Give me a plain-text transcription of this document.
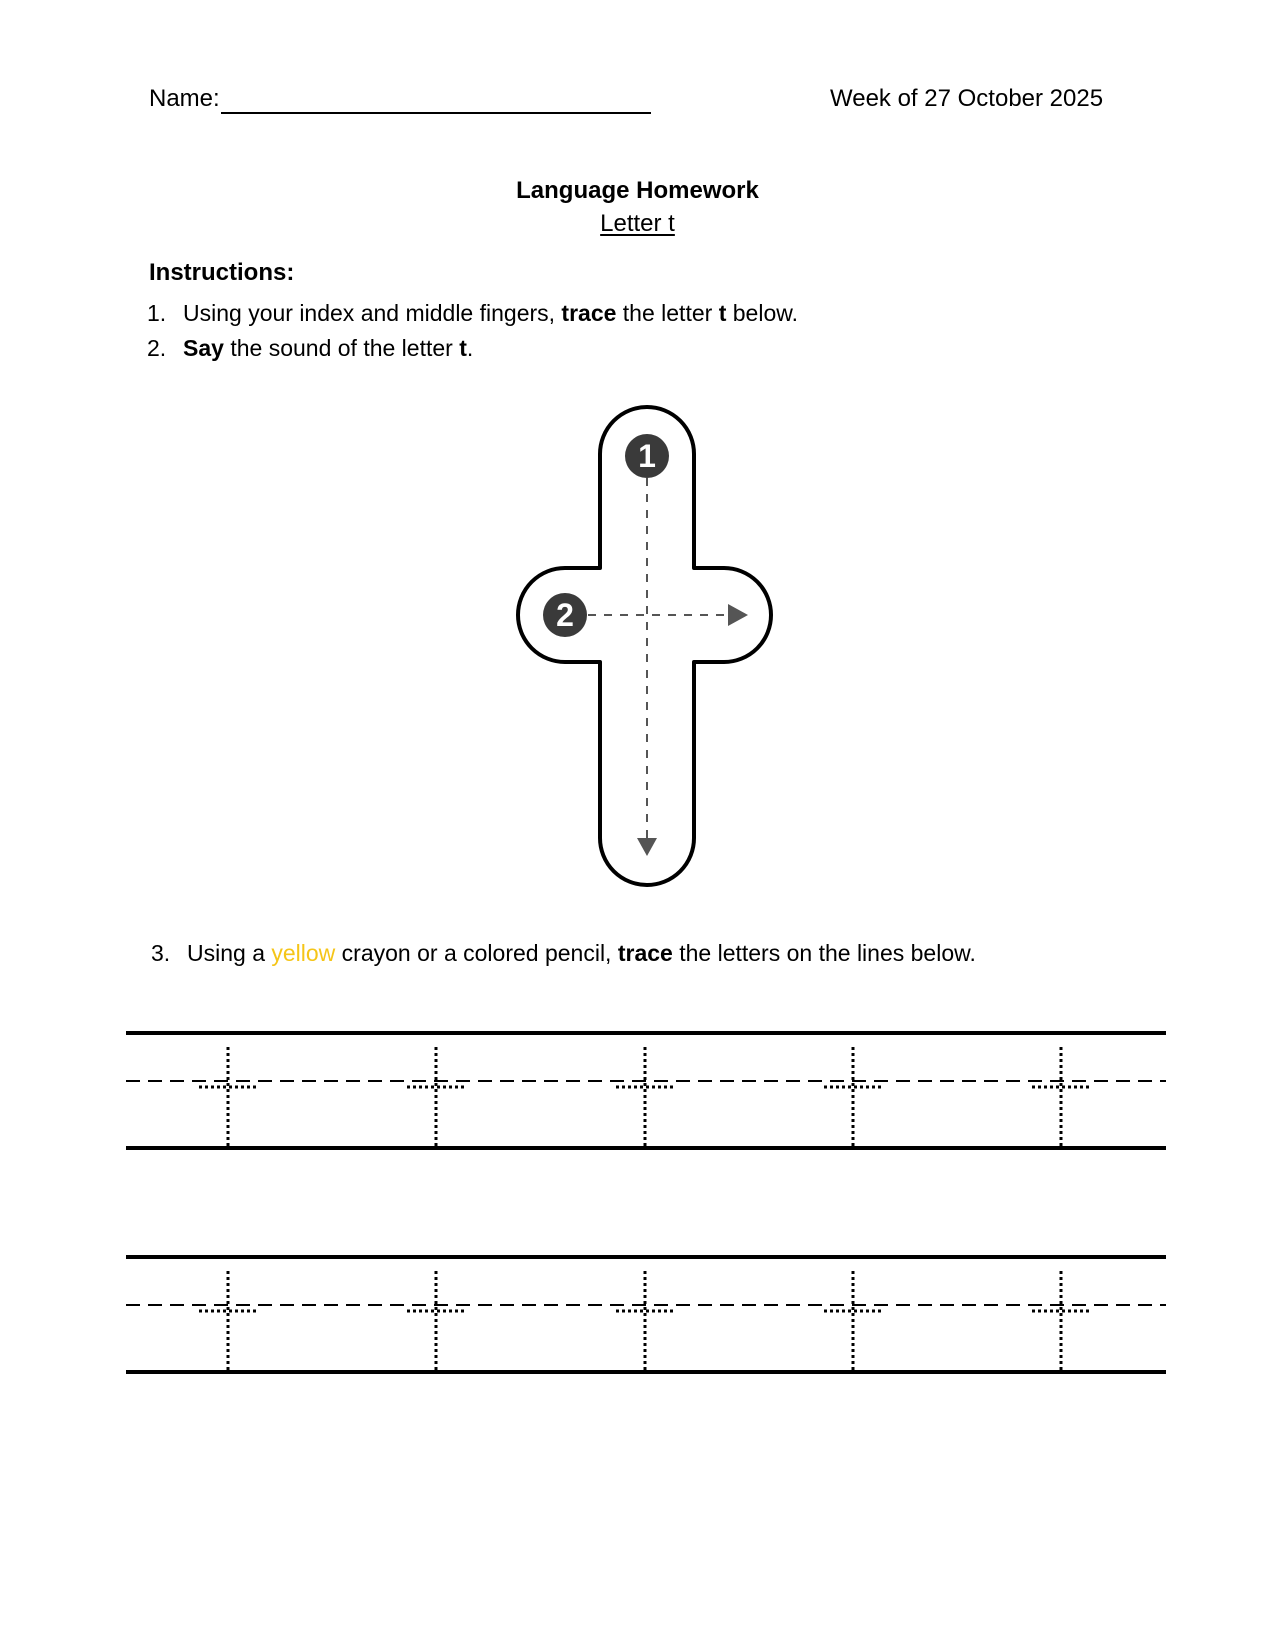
Name:	Week of 27 October 2025
Language Homework
Letter t
Instructions:
1. Using your index and middle fingers, trace the letter t below.
2. Say the sound of the letter t.
1
2
3. Using a yellow crayon or a colored pencil, trace the letters on the lines below.
